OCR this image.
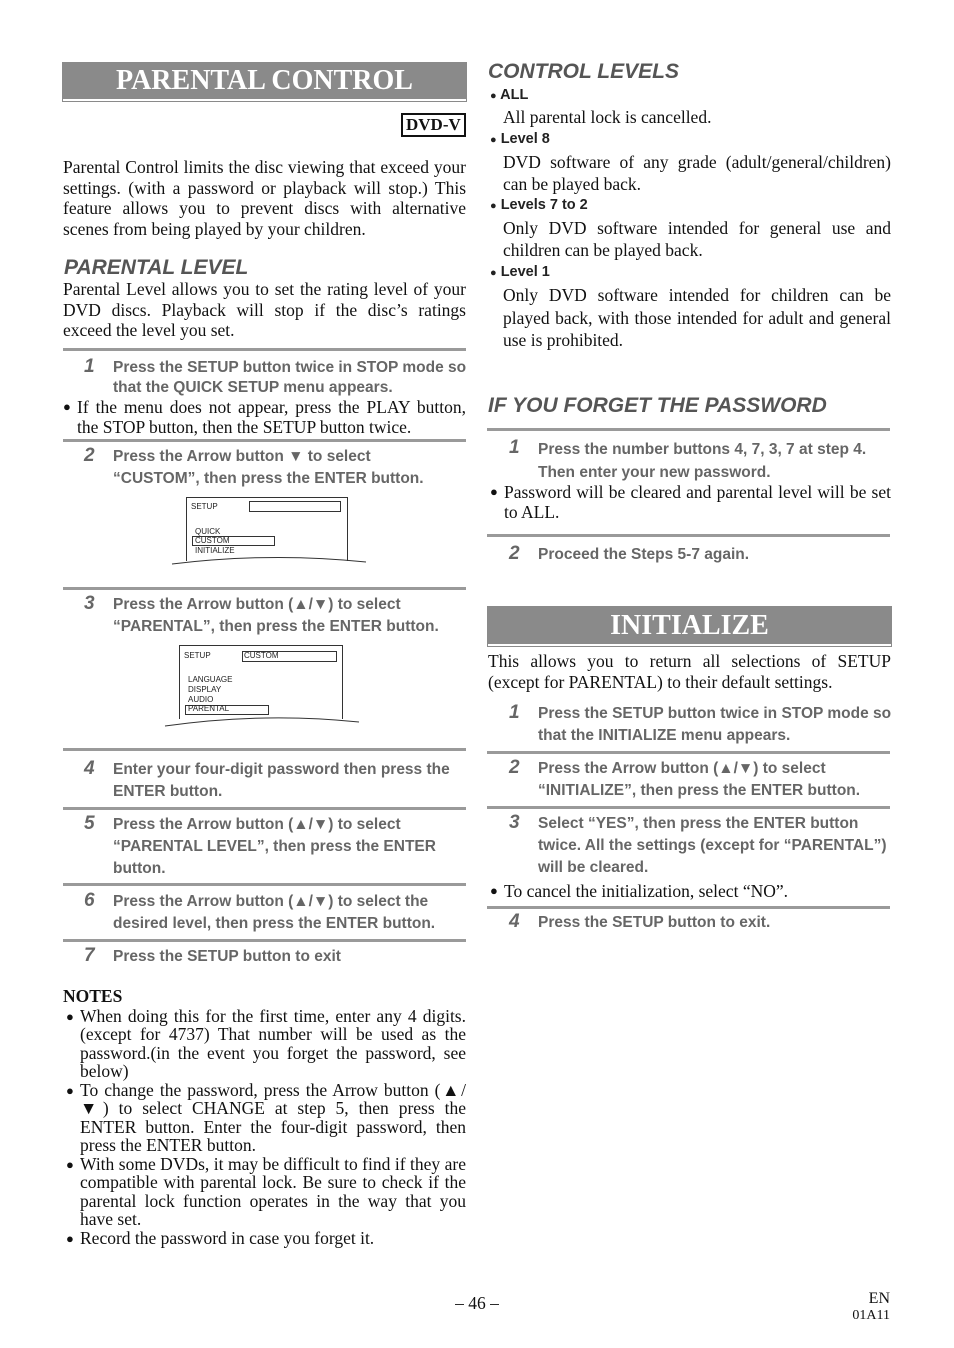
PARENTAL CONTROL
DVD-V
Parental Control limits the disc viewing that exceed your settings. (with a password or playback will stop.) This feature allows you to prevent discs with alternative scenes from being played by your children.
PARENTAL LEVEL
Parental Level allows you to set the rating level of your DVD discs. Playback will stop if the disc’s ratings exceed the level you set.
1 Press the SETUP button twice in STOP mode so that the QUICK SETUP menu appears.
● If the menu does not appear, press the PLAY button, the STOP button, then the SETUP button twice.
2 Press the Arrow button ▼ to select “CUSTOM”, then press the ENTER button.
SETUP
QUICK
CUSTOM
INITIALIZE
3 Press the Arrow button (▲/▼) to select “PARENTAL”, then press the ENTER button.
SETUP	CUSTOM
LANGUAGE
DISPLAY
AUDIO
PARENTAL
4 Enter your four-digit password then press the ENTER button.
5 Press the Arrow button (▲/▼) to select “PARENTAL LEVEL”, then press the ENTER button.
6 Press the Arrow button (▲/▼) to select the desired level, then press the ENTER button.
7 Press the SETUP button to exit
NOTES
● When doing this for the first time, enter any 4 digits. (except for 4737) That number will be used as the password.(in the event you forget the password, see below)
● To change the password, press the Arrow button (▲/▼) to select CHANGE at step 5, then press the ENTER button. Enter the four-digit password, then press the ENTER button.
● With some DVDs, it may be difficult to find if they are compatible with parental lock. Be sure to check if the parental lock function operates in the way that you have set.
● Record the password in case you forget it.
CONTROL LEVELS
● ALL
All parental lock is cancelled.
● Level 8
DVD software of any grade (adult/general/children) can be played back.
● Levels 7 to 2
Only DVD software intended for general use and children can be played back.
● Level 1
Only DVD software intended for children can be played back, with those intended for adult and general use is prohibited.
IF YOU FORGET THE PASSWORD
1 Press the number buttons 4, 7, 3, 7 at step 4. Then enter your new password.
● Password will be cleared and parental level will be set to ALL.
2 Proceed the Steps 5-7 again.
INITIALIZE
This allows you to return all selections of SETUP (except for PARENTAL) to their default settings.
1 Press the SETUP button twice in STOP mode so that the INITIALIZE menu appears.
2 Press the Arrow button (▲/▼) to select “INITIALIZE”, then press the ENTER button.
3 Select “YES”, then press the ENTER button twice. All the settings (except for “PARENTAL”) will be cleared.
● To cancel the initialization, select “NO”.
4 Press the SETUP button to exit.
– 46 –	EN
01A11
